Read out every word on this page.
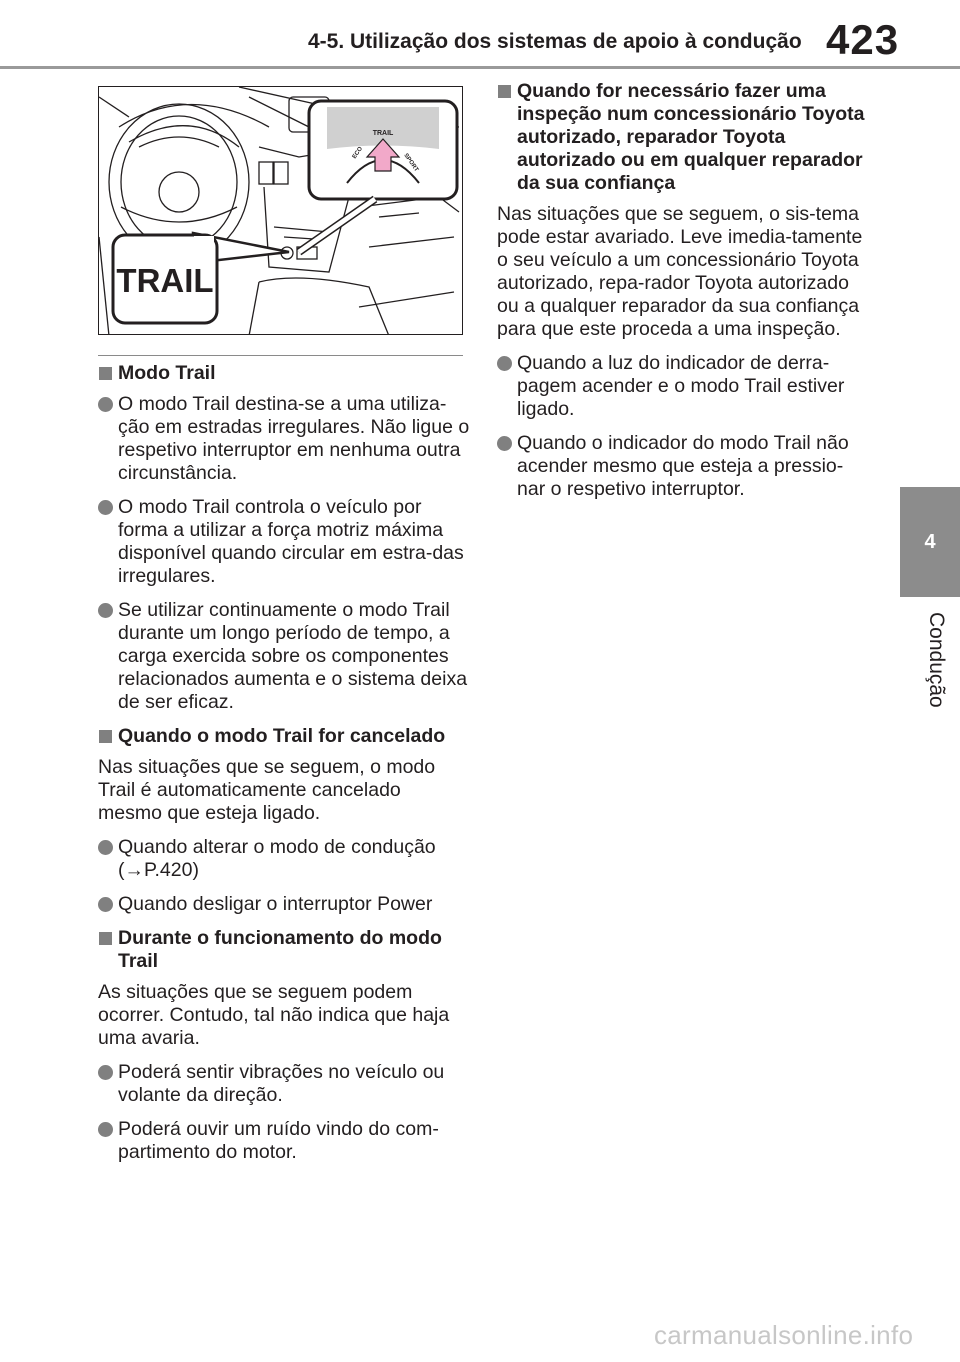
4-5. Utilização dos sistemas de apoio à condução 423
4
Condução
TRAIL
ECO	SPORT
TRAIL
Modo Trail
O modo Trail destina-se a uma utiliza-ção em estradas irregulares. Não ligue o respetivo interruptor em nenhuma outra circunstância.
O modo Trail controla o veículo por forma a utilizar a força motriz máxima disponível quando circular em estra-das irregulares.
Se utilizar continuamente o modo Trail durante um longo período de tempo, a carga exercida sobre os componentes relacionados aumenta e o sistema deixa de ser eficaz.
Quando o modo Trail for cancelado
Nas situações que se seguem, o modo Trail é automaticamente cancelado mesmo que esteja ligado.
Quando alterar o modo de condução (→P.420)
Quando desligar o interruptor Power
Durante o funcionamento do modo Trail
As situações que se seguem podem ocorrer. Contudo, tal não indica que haja uma avaria.
Poderá sentir vibrações no veículo ou volante da direção.
Poderá ouvir um ruído vindo do com-partimento do motor.
Quando for necessário fazer uma inspeção num concessionário Toyota autorizado, reparador Toyota autorizado ou em qualquer reparador da sua confiança
Nas situações que se seguem, o sis-tema pode estar avariado. Leve imedia-tamente o seu veículo a um concessionário Toyota autorizado, repa-rador Toyota autorizado ou a qualquer reparador da sua confiança para que este proceda a uma inspeção.
Quando a luz do indicador de derra-pagem acender e o modo Trail estiver ligado.
Quando o indicador do modo Trail não acender mesmo que esteja a pressio-nar o respetivo interruptor.
carmanualsonline.info
